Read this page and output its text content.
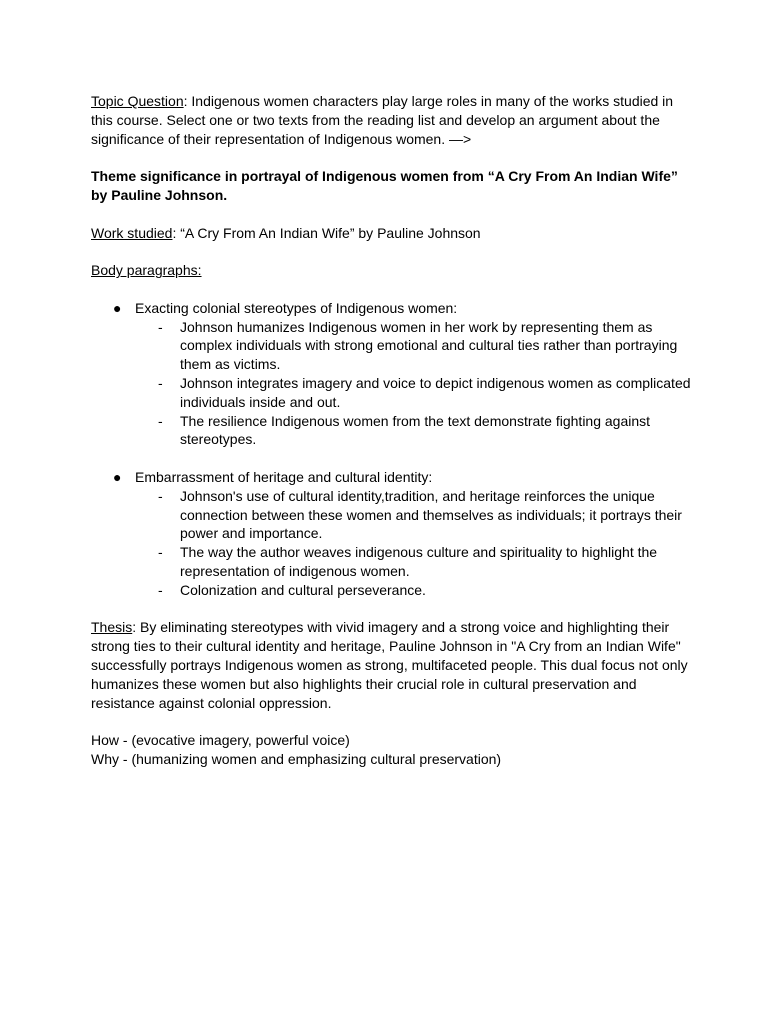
Topic Question: Indigenous women characters play large roles in many of the works studied in this course. Select one or two texts from the reading list and develop an argument about the significance of their representation of Indigenous women. —>

Theme significance in portrayal of Indigenous women from “A Cry From An Indian Wife” by Pauline Johnson.

Work studied: “A Cry From An Indian Wife” by Pauline Johnson

Body paragraphs:

● Exacting colonial stereotypes of Indigenous women:
- Johnson humanizes Indigenous women in her work by representing them as complex individuals with strong emotional and cultural ties rather than portraying them as victims.
- Johnson integrates imagery and voice to depict indigenous women as complicated individuals inside and out.
- The resilience Indigenous women from the text demonstrate fighting against stereotypes.
● Embarrassment of heritage and cultural identity:
- Johnson's use of cultural identity,tradition, and heritage reinforces the unique connection between these women and themselves as individuals; it portrays their power and importance.
- The way the author weaves indigenous culture and spirituality to highlight the representation of indigenous women.
- Colonization and cultural perseverance.

Thesis: By eliminating stereotypes with vivid imagery and a strong voice and highlighting their strong ties to their cultural identity and heritage, Pauline Johnson in "A Cry from an Indian Wife" successfully portrays Indigenous women as strong, multifaceted people. This dual focus not only humanizes these women but also highlights their crucial role in cultural preservation and resistance against colonial oppression.

How - (evocative imagery, powerful voice)

Why - (humanizing women and emphasizing cultural preservation)
